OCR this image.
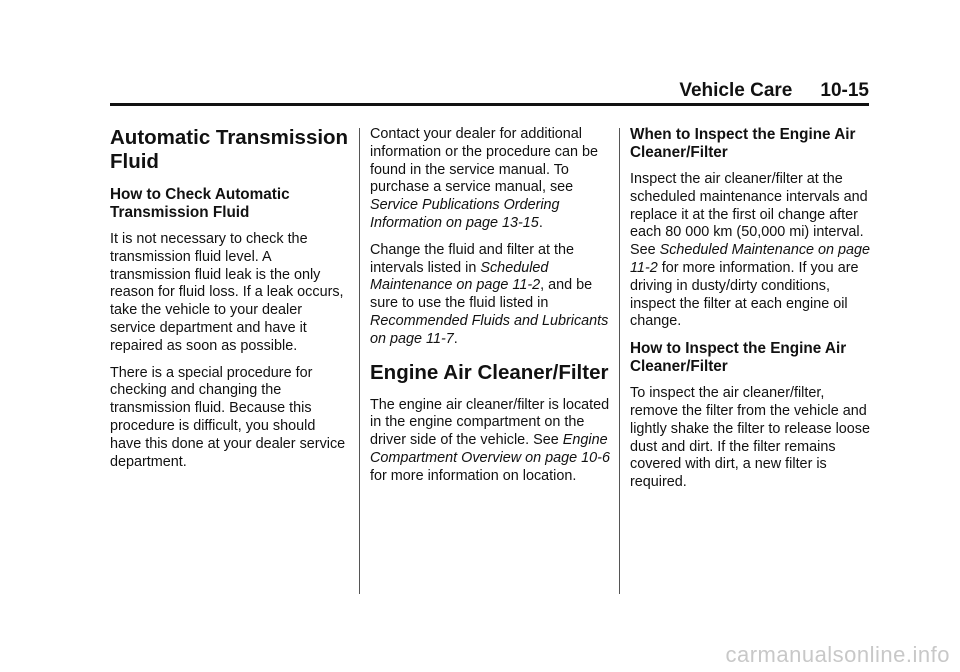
Vehicle Care 10-15
Automatic Transmission Fluid
How to Check Automatic Transmission Fluid

It is not necessary to check the transmission fluid level. A transmission fluid leak is the only reason for fluid loss. If a leak occurs, take the vehicle to your dealer service department and have it repaired as soon as possible.

There is a special procedure for checking and changing the transmission fluid. Because this procedure is difficult, you should have this done at your dealer service department.

Contact your dealer for additional information or the procedure can be found in the service manual. To purchase a service manual, see Service Publications Ordering Information on page 13-15.

Change the fluid and filter at the intervals listed in Scheduled Maintenance on page 11-2, and be sure to use the fluid listed in Recommended Fluids and Lubricants on page 11-7.

Engine Air Cleaner/Filter

The engine air cleaner/filter is located in the engine compartment on the driver side of the vehicle. See Engine Compartment Overview on page 10-6 for more information on location.

When to Inspect the Engine Air Cleaner/Filter

Inspect the air cleaner/filter at the scheduled maintenance intervals and replace it at the first oil change after each 80 000 km (50,000 mi) interval. See Scheduled Maintenance on page 11-2 for more information. If you are driving in dusty/dirty conditions, inspect the filter at each engine oil change.

How to Inspect the Engine Air Cleaner/Filter

To inspect the air cleaner/filter, remove the filter from the vehicle and lightly shake the filter to release loose dust and dirt. If the filter remains covered with dirt, a new filter is required.

carmanualsonline.info
